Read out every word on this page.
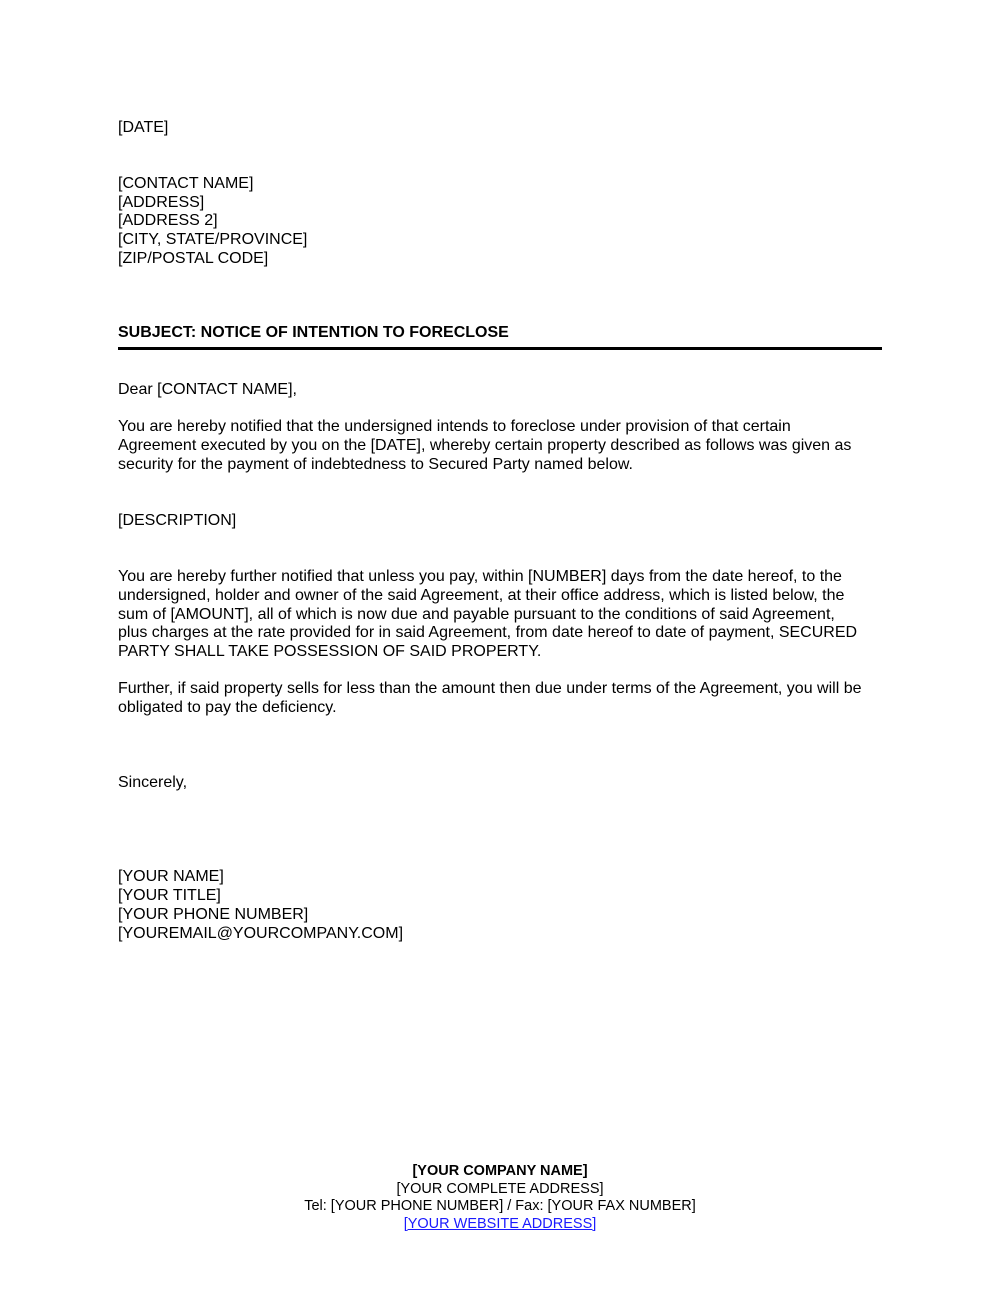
[DATE]
[CONTACT NAME]
[ADDRESS]
[ADDRESS 2]
[CITY, STATE/PROVINCE]
[ZIP/POSTAL CODE]
SUBJECT: NOTICE OF INTENTION TO FORECLOSE
Dear [CONTACT NAME],
You are hereby notified that the undersigned intends to foreclose under provision of that certain
Agreement executed by you on the [DATE], whereby certain property described as follows was given as
security for the payment of indebtedness to Secured Party named below.
[DESCRIPTION]
You are hereby further notified that unless you pay, within [NUMBER] days from the date hereof, to the
undersigned, holder and owner of the said Agreement, at their office address, which is listed below, the
sum of [AMOUNT], all of which is now due and payable pursuant to the conditions of said Agreement,
plus charges at the rate provided for in said Agreement, from date hereof to date of payment, SECURED
PARTY SHALL TAKE POSSESSION OF SAID PROPERTY.
Further, if said property sells for less than the amount then due under terms of the Agreement, you will be
obligated to pay the deficiency.
Sincerely,
[YOUR NAME]
[YOUR TITLE]
[YOUR PHONE NUMBER]
[YOUREMAIL@YOURCOMPANY.COM]
[YOUR COMPANY NAME]
[YOUR COMPLETE ADDRESS]
Tel: [YOUR PHONE NUMBER] / Fax: [YOUR FAX NUMBER]
[YOUR WEBSITE ADDRESS]
